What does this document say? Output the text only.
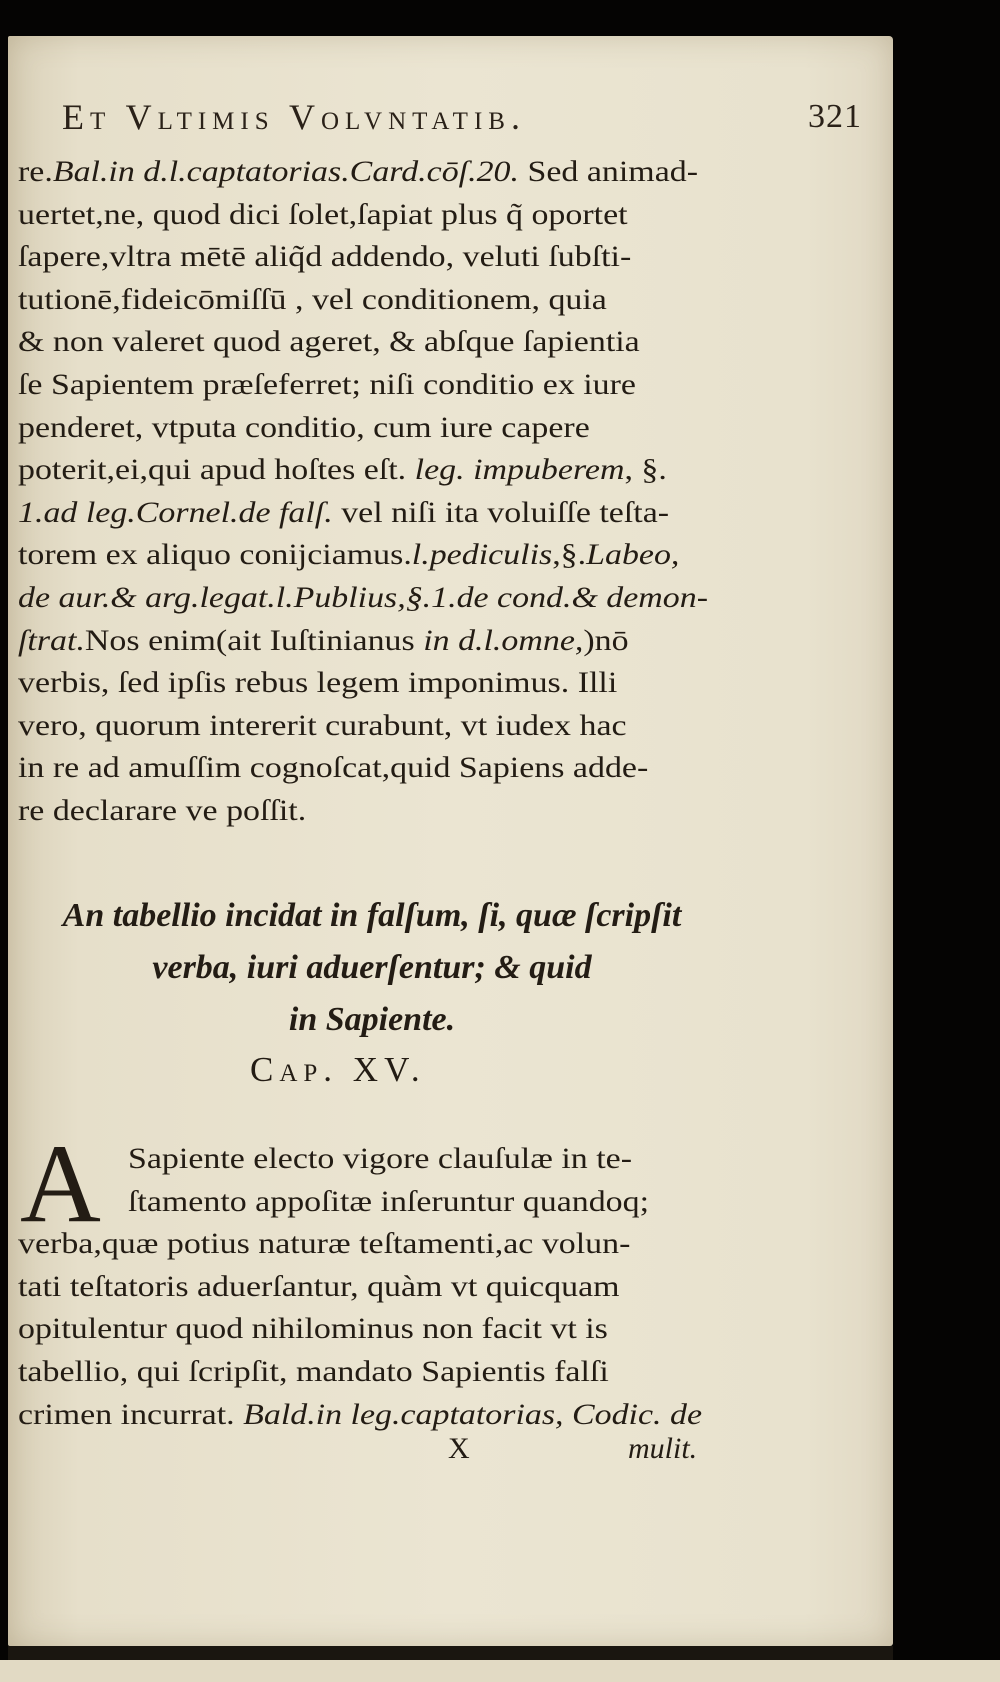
Et Vltimis Volvntatib.	321
re.Bal.in d.l.captatorias.Card.cōſ.20. Sed animad-
uertet,ne, quod dici ſolet,ſapiat plus q̃ oportet
ſapere,vltra mētē aliq̃d addendo, veluti ſubſti-
tutionē,fideicōmiſſū , vel conditionem, quia
& non valeret quod ageret, & abſque ſapientia
ſe Sapientem præſeferret; niſi conditio ex iure
penderet, vtputa conditio, cum iure capere
poterit,ei,qui apud hoſtes eſt. leg. impuberem, §.
1.ad leg.Cornel.de falſ. vel niſi ita voluiſſe teſta-
torem ex aliquo conijciamus.l.pediculis,§.Labeo,
de aur.& arg.legat.l.Publius,§.1.de cond.& demon-
ſtrat.Nos enim(ait Iuſtinianus in d.l.omne,)nō
verbis, ſed ipſis rebus legem imponimus. Illi
vero, quorum intererit curabunt, vt iudex hac
in re ad amuſſim cognoſcat,quid Sapiens adde-
re declarare ve poſſit.
An tabellio incidat in falſum, ſi, quæ ſcripſit
verba, iuri aduerſentur; & quid
in Sapiente.
Cap. XV.
A Sapiente electo vigore clauſulæ in te-
ſtamento appoſitæ inſeruntur quandoq;
verba,quæ potius naturæ teſtamenti,ac volun-
tati teſtatoris aduerſantur, quàm vt quicquam
opitulentur quod nihilominus non facit vt is
tabellio, qui ſcripſit, mandato Sapientis falſi
crimen incurrat. Bald.in leg.captatorias, Codic. de
X	mulit.
